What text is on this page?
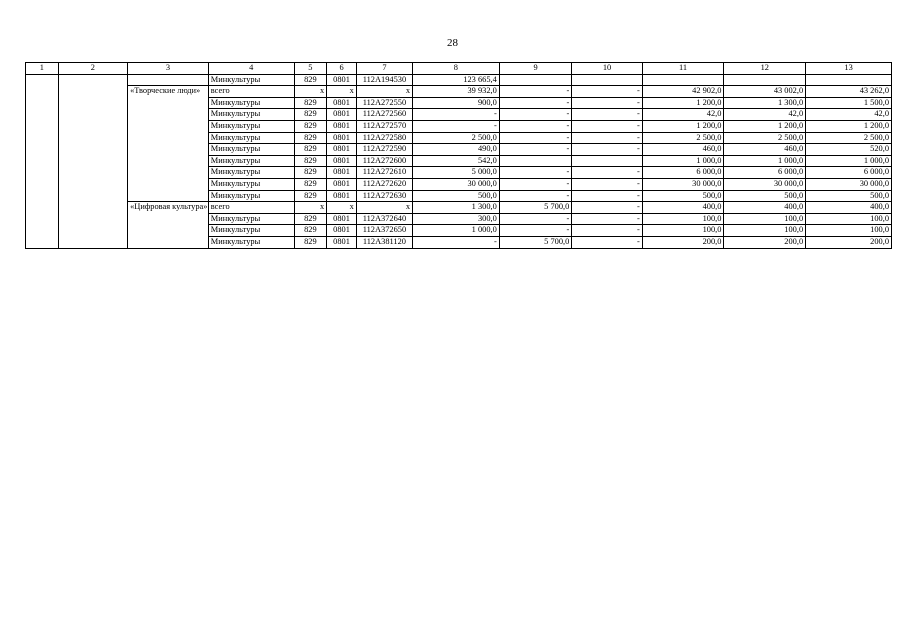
28
1	2	3	4	5	6	7	8	9	10	11	12	13
			Минкультуры	829	0801	112А194530	123 665,4					
		«Творческие люди»	всего	х	х	х	39 932,0	-	-	42 902,0	43 002,0	43 262,0
			Минкультуры	829	0801	112А272550	900,0	-	-	1 200,0	1 300,0	1 500,0
			Минкультуры	829	0801	112А272560	-	-	-	42,0	42,0	42,0
			Минкультуры	829	0801	112А272570	-	-	-	1 200,0	1 200,0	1 200,0
			Минкультуры	829	0801	112А272580	2 500,0	-	-	2 500,0	2 500,0	2 500,0
			Минкультуры	829	0801	112А272590	490,0	-	-	460,0	460,0	520,0
			Минкультуры	829	0801	112А272600	542,0			1 000,0	1 000,0	1 000,0
			Минкультуры	829	0801	112А272610	5 000,0	-	-	6 000,0	6 000,0	6 000,0
			Минкультуры	829	0801	112А272620	30 000,0	-	-	30 000,0	30 000,0	30 000,0
			Минкультуры	829	0801	112А272630	500,0	-	-	500,0	500,0	500,0
		«Цифровая культура»	всего	х	х	х	1 300,0	5 700,0	-	400,0	400,0	400,0
			Минкультуры	829	0801	112А372640	300,0	-	-	100,0	100,0	100,0
			Минкультуры	829	0801	112А372650	1 000,0	-	-	100,0	100,0	100,0
			Минкультуры	829	0801	112А381120	-	5 700,0	-	200,0	200,0	200,0
